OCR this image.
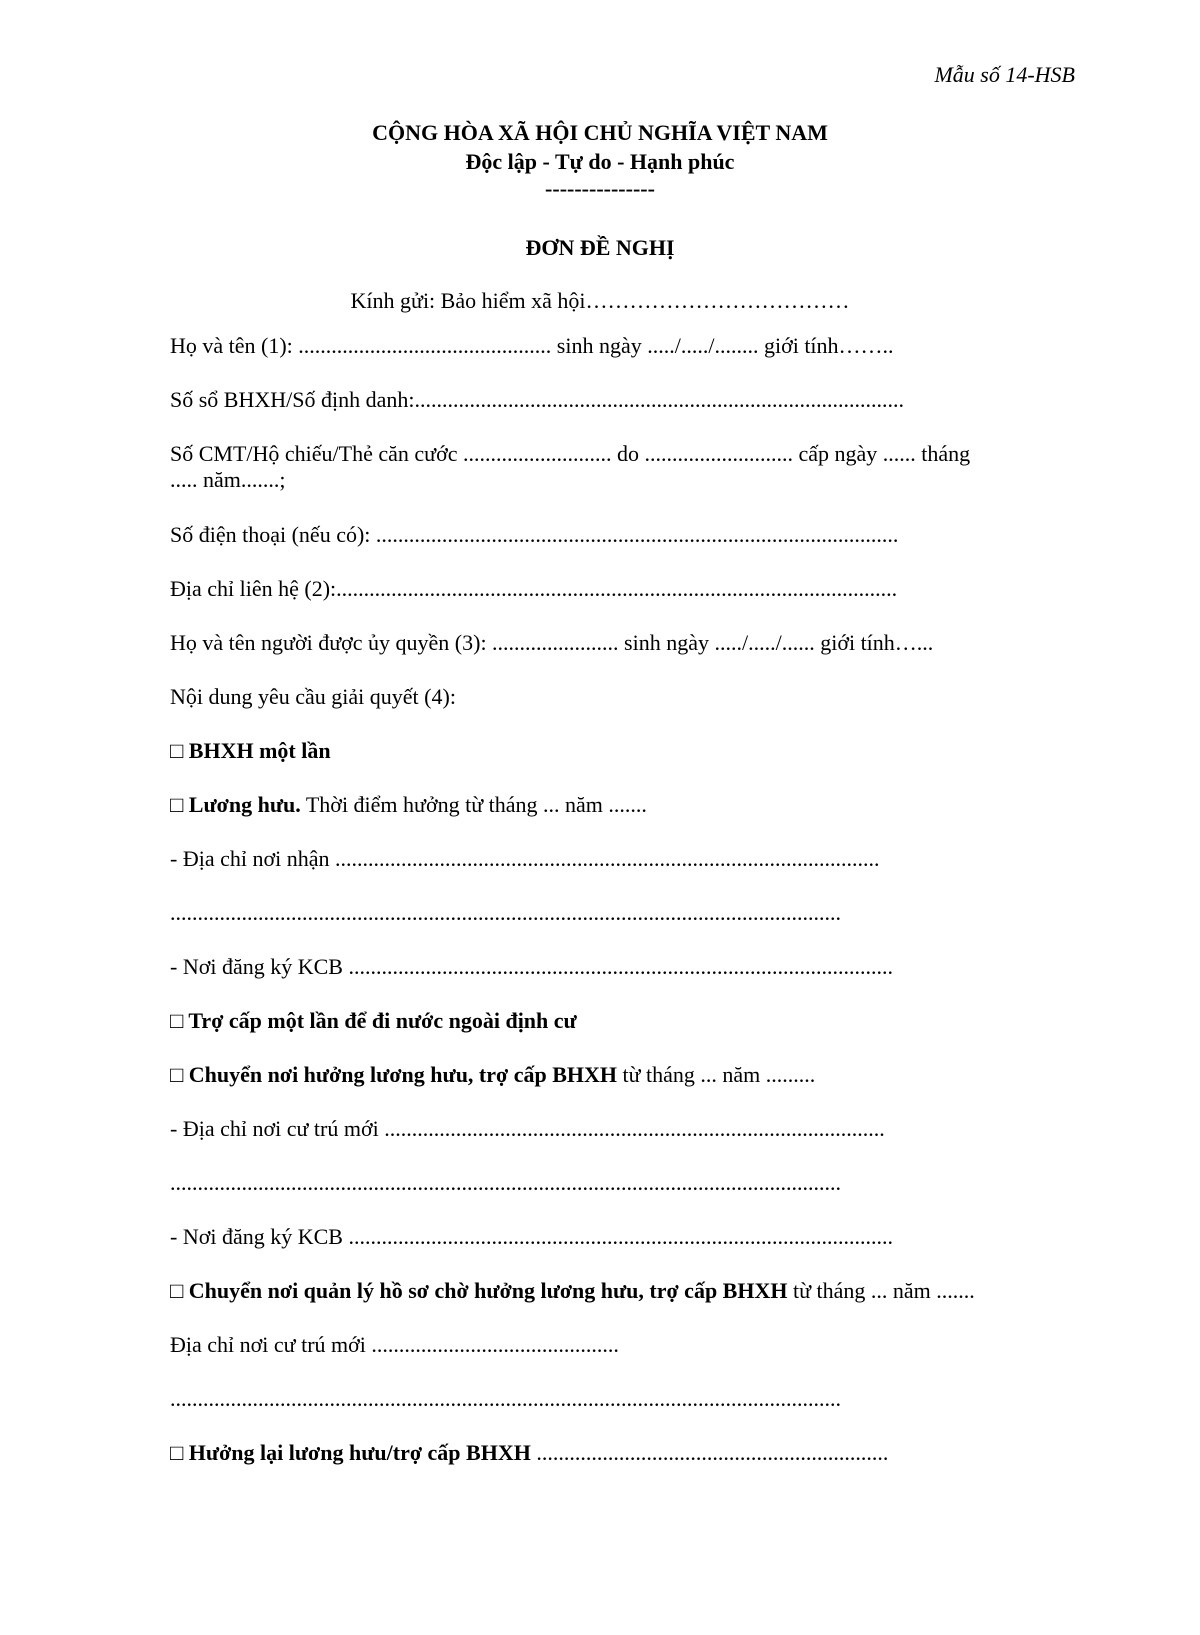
Mẫu số 14-HSB
CỘNG HÒA XÃ HỘI CHỦ NGHĨA VIỆT NAM
Độc lập - Tự do - Hạnh phúc
---------------
ĐƠN ĐỀ NGHỊ
Kính gửi: Bảo hiểm xã hội………………………………
Họ và tên (1): .............................................. sinh ngày ...../...../........ giới tính……..
Số sổ BHXH/Số định danh:.........................................................................................
Số CMT/Hộ chiếu/Thẻ căn cước ........................... do ........................... cấp ngày ...... tháng
..... năm.......;
Số điện thoại (nếu có): ...............................................................................................
Địa chỉ liên hệ (2):......................................................................................................
Họ và tên người được ủy quyền (3): ....................... sinh ngày ...../...../...... giới tính…...
Nội dung yêu cầu giải quyết (4):
□ BHXH một lần
□ Lương hưu. Thời điểm hưởng từ tháng ... năm .......
- Địa chỉ nơi nhận ...................................................................................................
..........................................................................................................................
- Nơi đăng ký KCB ...................................................................................................
□ Trợ cấp một lần để đi nước ngoài định cư
□ Chuyển nơi hưởng lương hưu, trợ cấp BHXH từ tháng ... năm .........
- Địa chỉ nơi cư trú mới ...........................................................................................
..........................................................................................................................
- Nơi đăng ký KCB ...................................................................................................
□ Chuyển nơi quản lý hồ sơ chờ hưởng lương hưu, trợ cấp BHXH từ tháng ... năm .......
Địa chỉ nơi cư trú mới .............................................
..........................................................................................................................
□ Hưởng lại lương hưu/trợ cấp BHXH ................................................................
